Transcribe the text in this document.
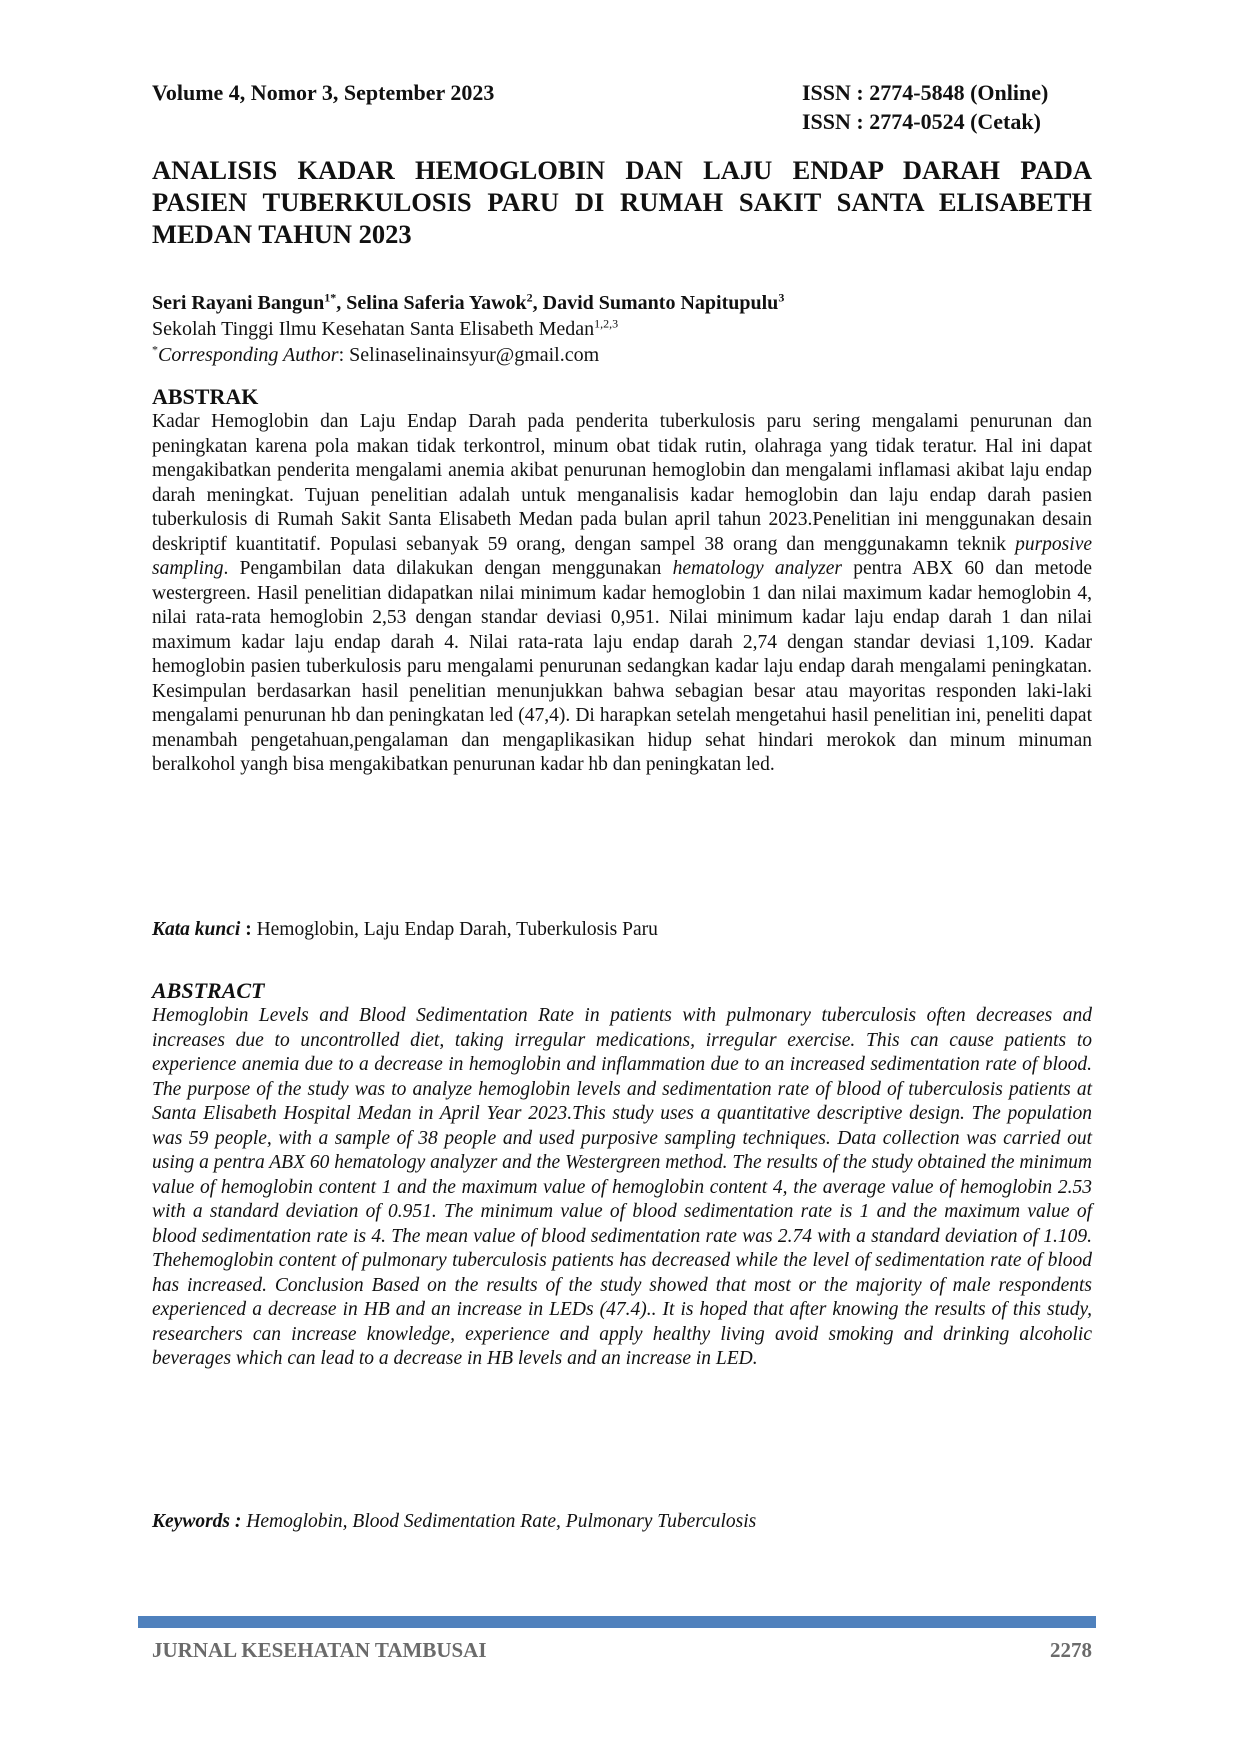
Volume 4, Nomor 3, September 2023	ISSN : 2774-5848 (Online)
ISSN : 2774-0524 (Cetak)
ANALISIS KADAR HEMOGLOBIN DAN LAJU ENDAP DARAH PADA PASIEN TUBERKULOSIS PARU DI RUMAH SAKIT SANTA ELISABETH MEDAN TAHUN 2023
Seri Rayani Bangun$^{1*}$, Selina Saferia Yawok$^2$, David Sumanto Napitupulu$^3$
Sekolah Tinggi Ilmu Kesehatan Santa Elisabeth Medan$^{1,2,3}$
*Corresponding Author: Selinaselinainsyur@gmail.com
ABSTRAK

Kadar Hemoglobin dan Laju Endap Darah pada penderita tuberkulosis paru sering mengalami penurunan dan peningkatan karena pola makan tidak terkontrol, minum obat tidak rutin, olahraga yang tidak teratur. Hal ini dapat mengakibatkan penderita mengalami anemia akibat penurunan hemoglobin dan mengalami inflamasi akibat laju endap darah meningkat. Tujuan penelitian adalah untuk menganalisis kadar hemoglobin dan laju endap darah pasien tuberkulosis di Rumah Sakit Santa Elisabeth Medan pada bulan april tahun 2023.Penelitian ini menggunakan desain deskriptif kuantitatif. Populasi sebanyak 59 orang, dengan sampel 38 orang dan menggunakamn teknik purposive sampling. Pengambilan data dilakukan dengan menggunakan hematology analyzer pentra ABX 60 dan metode westergreen. Hasil penelitian didapatkan nilai minimum kadar hemoglobin 1 dan nilai maximum kadar hemoglobin 4, nilai rata-rata hemoglobin 2,53 dengan standar deviasi 0,951. Nilai minimum kadar laju endap darah 1 dan nilai maximum kadar laju endap darah 4. Nilai rata-rata laju endap darah 2,74 dengan standar deviasi 1,109. Kadar hemoglobin pasien tuberkulosis paru mengalami penurunan sedangkan kadar laju endap darah mengalami peningkatan. Kesimpulan berdasarkan hasil penelitian menunjukkan bahwa sebagian besar atau mayoritas responden laki-laki mengalami penurunan hb dan peningkatan led (47,4). Di harapkan setelah mengetahui hasil penelitian ini, peneliti dapat menambah pengetahuan,pengalaman dan mengaplikasikan hidup sehat hindari merokok dan minum minuman beralkohol yangh bisa mengakibatkan penurunan kadar hb dan peningkatan led.

Kata kunci : Hemoglobin, Laju Endap Darah, Tuberkulosis Paru
ABSTRACT

Hemoglobin Levels and Blood Sedimentation Rate in patients with pulmonary tuberculosis often decreases and increases due to uncontrolled diet, taking irregular medications, irregular exercise. This can cause patients to experience anemia due to a decrease in hemoglobin and inflammation due to an increased sedimentation rate of blood. The purpose of the study was to analyze hemoglobin levels and sedimentation rate of blood of tuberculosis patients at Santa Elisabeth Hospital Medan in April Year 2023.This study uses a quantitative descriptive design. The population was 59 people, with a sample of 38 people and used purposive sampling techniques. Data collection was carried out using a pentra ABX 60 hematology analyzer and the Westergreen method. The results of the study obtained the minimum value of hemoglobin content 1 and the maximum value of hemoglobin content 4, the average value of hemoglobin 2.53 with a standard deviation of 0.951. The minimum value of blood sedimentation rate is 1 and the maximum value of blood sedimentation rate is 4. The mean value of blood sedimentation rate was 2.74 with a standard deviation of 1.109. Thehemoglobin content of pulmonary tuberculosis patients has decreased while the level of sedimentation rate of blood has increased. Conclusion Based on the results of the study showed that most or the majority of male respondents experienced a decrease in HB and an increase in LEDs (47.4).. It is hoped that after knowing the results of this study, researchers can increase knowledge, experience and apply healthy living avoid smoking and drinking alcoholic beverages which can lead to a decrease in HB levels and an increase in LED.

Keywords : Hemoglobin, Blood Sedimentation Rate, Pulmonary Tuberculosis
JURNAL KESEHATAN TAMBUSAI	2278
